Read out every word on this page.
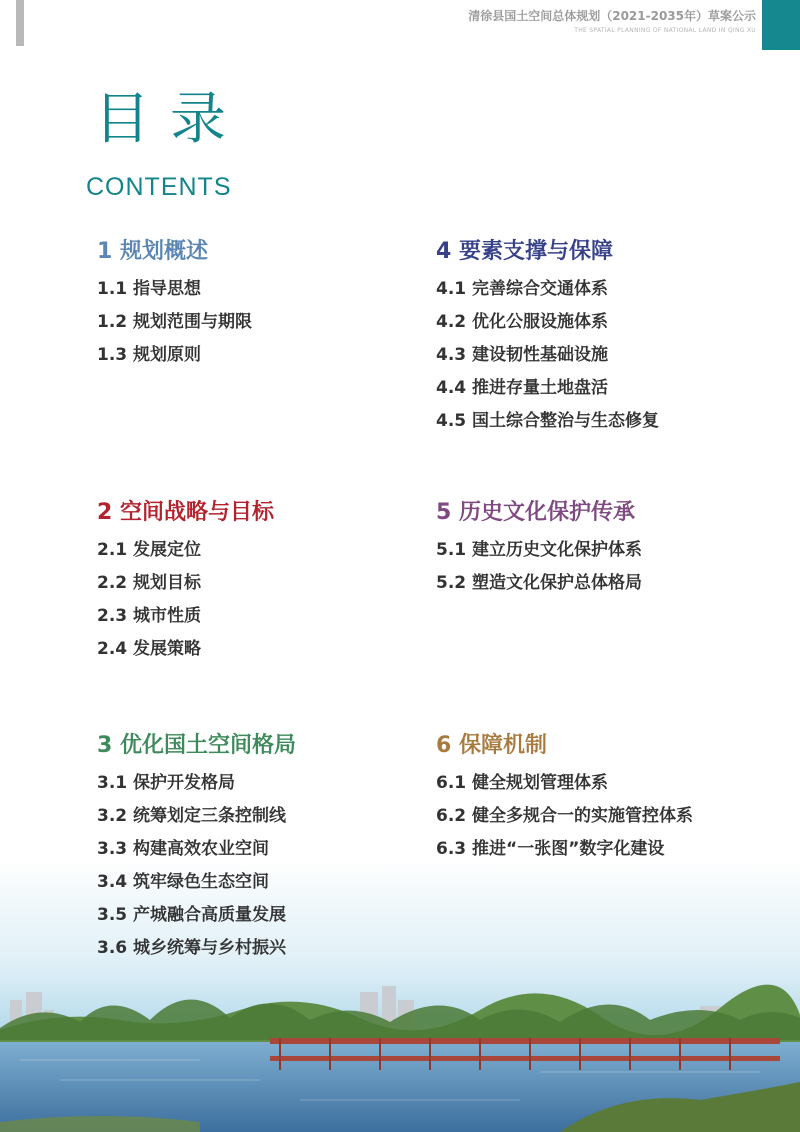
清徐县国土空间总体规划（2021-2035年）草案公示
THE SPATIAL PLANNING OF NATIONAL LAND IN QING XU
目录
CONTENTS
1 规划概述
1.1 指导思想
1.2 规划范围与期限
1.3 规划原则
2 空间战略与目标
2.1 发展定位
2.2 规划目标
2.3 城市性质
2.4 发展策略
3 优化国土空间格局
3.1 保护开发格局
3.2 统筹划定三条控制线
3.3 构建高效农业空间
3.4 筑牢绿色生态空间
3.5 产城融合高质量发展
3.6 城乡统筹与乡村振兴
4 要素支撑与保障
4.1 完善综合交通体系
4.2 优化公服设施体系
4.3 建设韧性基础设施
4.4 推进存量土地盘活
4.5 国土综合整治与生态修复
5 历史文化保护传承
5.1 建立历史文化保护体系
5.2 塑造文化保护总体格局
6 保障机制
6.1 健全规划管理体系
6.2 健全多规合一的实施管控体系
6.3 推进“一张图”数字化建设
